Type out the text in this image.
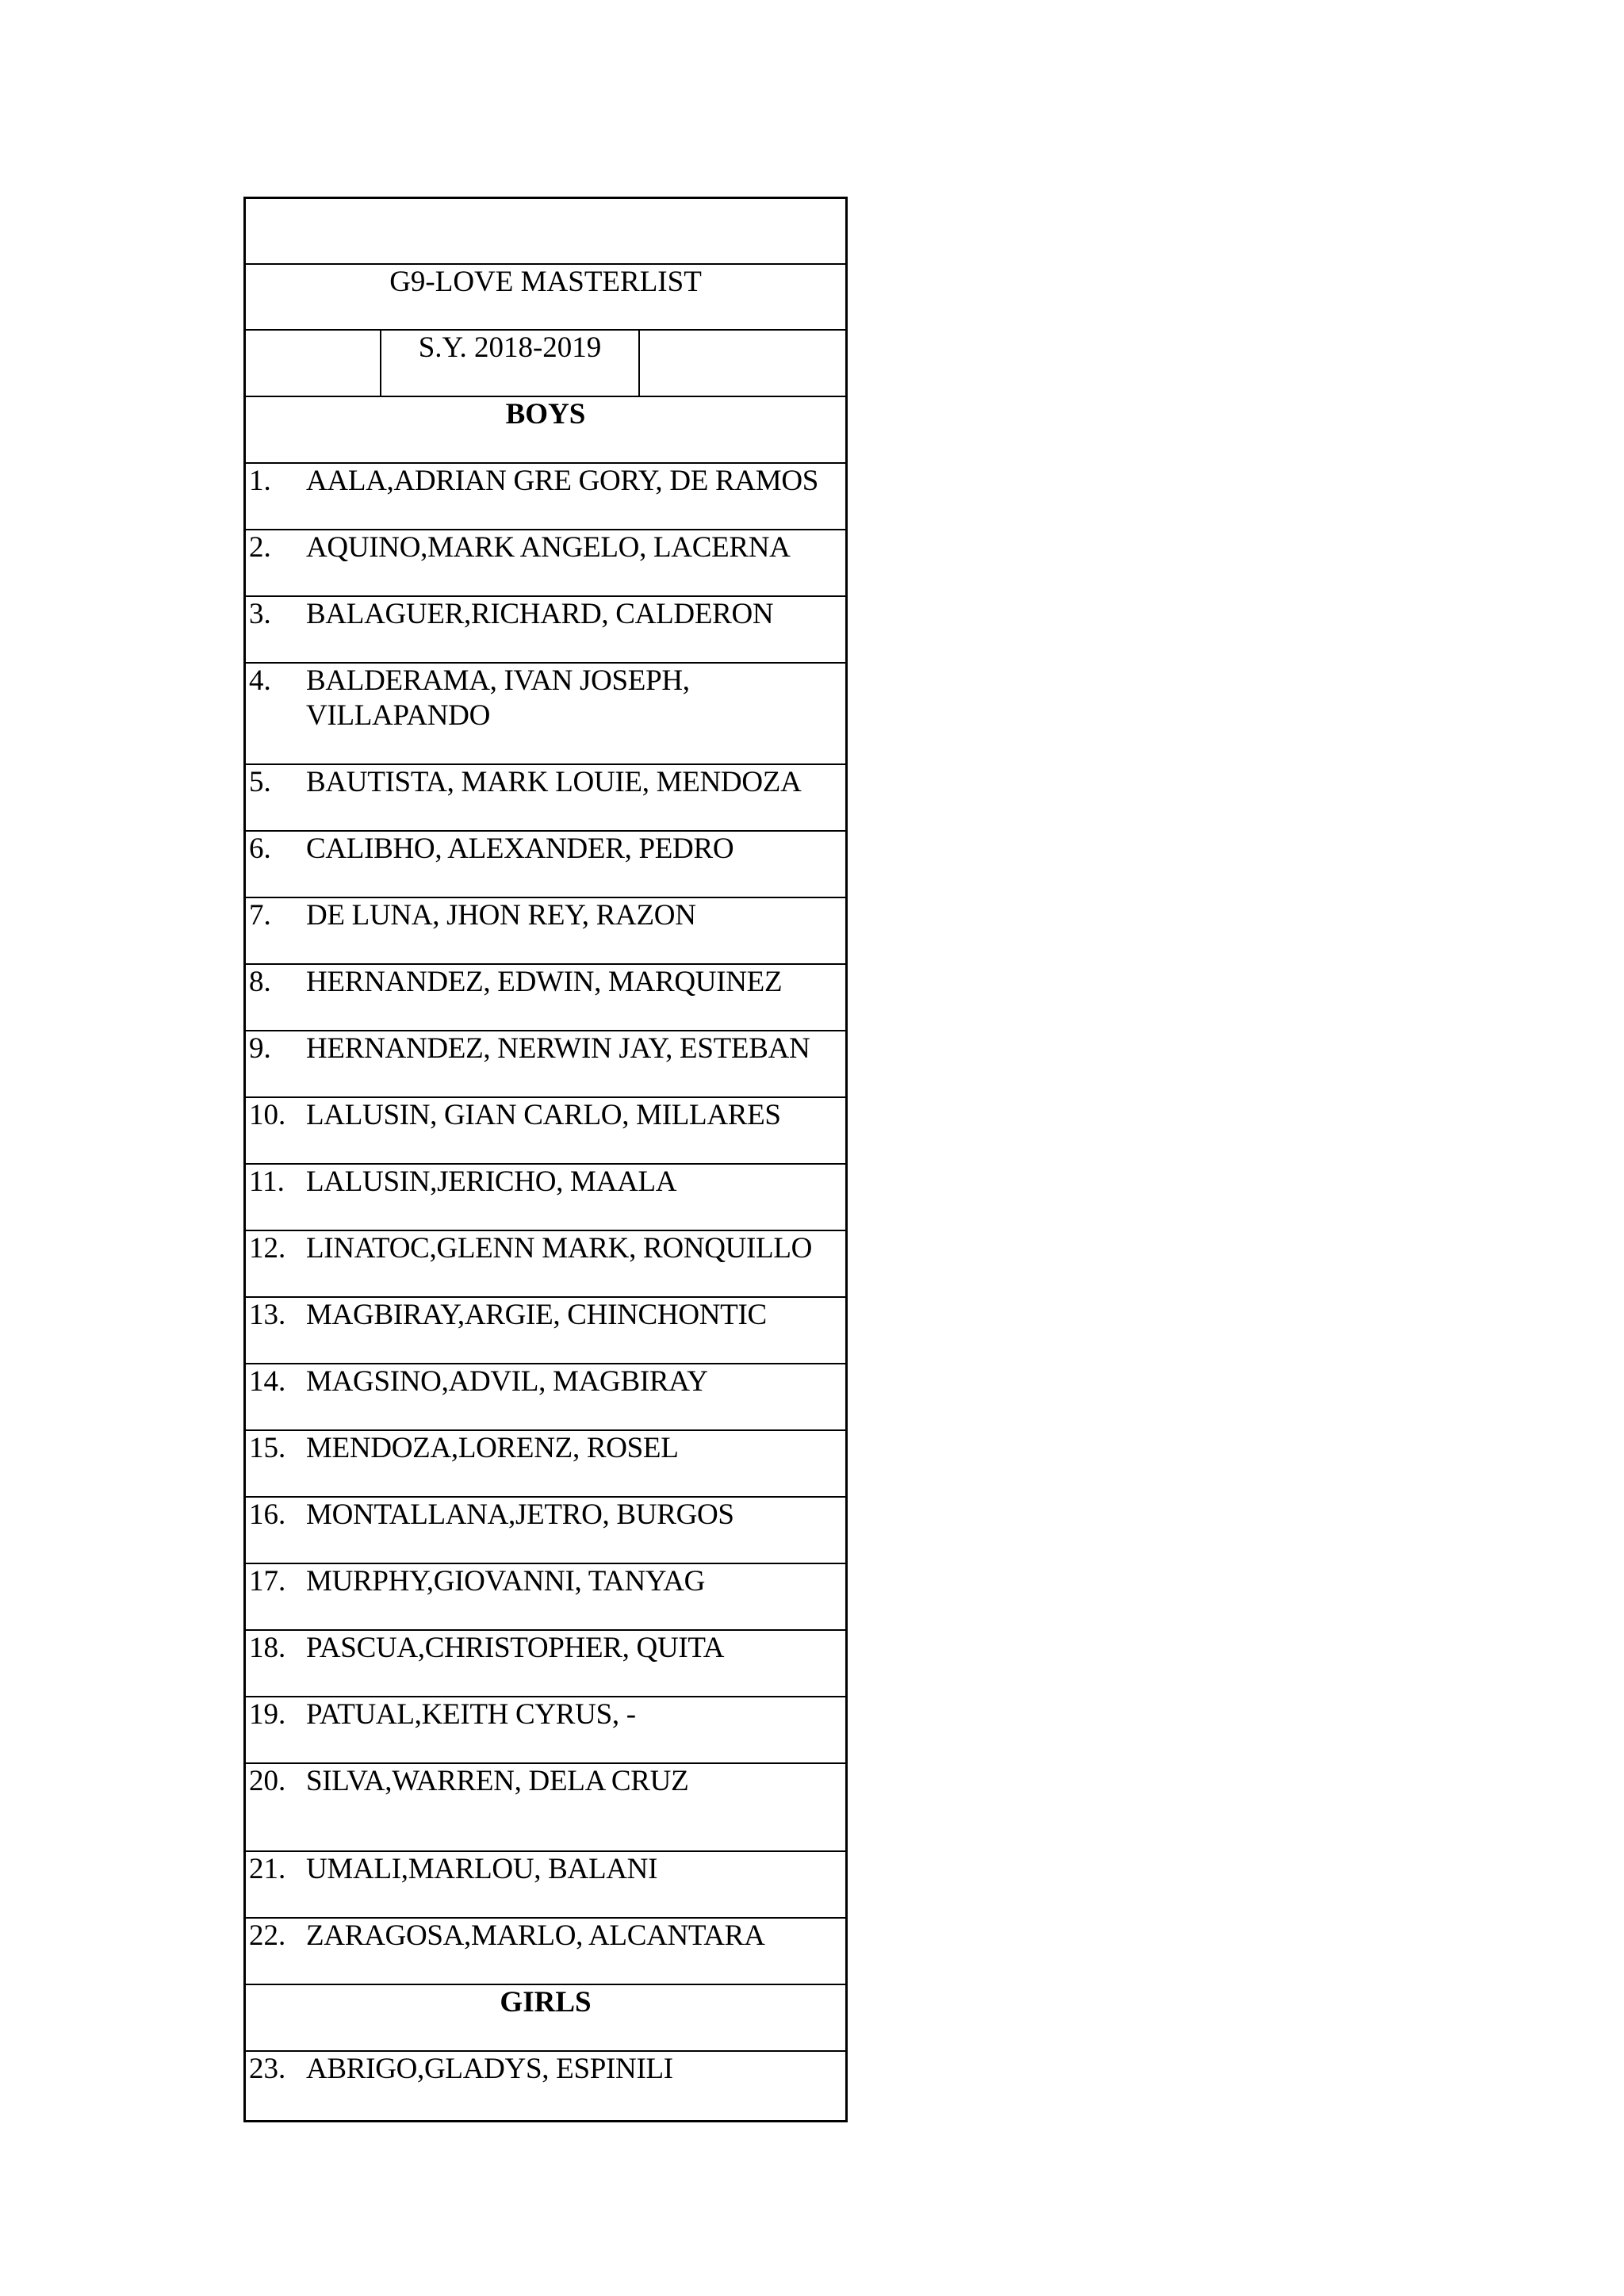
G9-LOVE MASTERLIST
S.Y. 2018-2019
BOYS
1.	AALA,ADRIAN GRE GORY, DE RAMOS
2.	AQUINO,MARK ANGELO, LACERNA
3.	BALAGUER,RICHARD, CALDERON
4.	BALDERAMA, IVAN JOSEPH,
VILLAPANDO
5.	BAUTISTA, MARK LOUIE, MENDOZA
6.	CALIBHO, ALEXANDER, PEDRO
7.	DE LUNA, JHON REY, RAZON
8.	HERNANDEZ, EDWIN, MARQUINEZ
9.	HERNANDEZ, NERWIN JAY, ESTEBAN
10. LALUSIN, GIAN CARLO, MILLARES
11. LALUSIN,JERICHO, MAALA
12. LINATOC,GLENN MARK, RONQUILLO
13. MAGBIRAY,ARGIE, CHINCHONTIC
14. MAGSINO,ADVIL, MAGBIRAY
15. MENDOZA,LORENZ, ROSEL
16. MONTALLANA,JETRO, BURGOS
17. MURPHY,GIOVANNI, TANYAG
18. PASCUA,CHRISTOPHER, QUITA
19. PATUAL,KEITH CYRUS, -
20. SILVA,WARREN, DELA CRUZ
21. UMALI,MARLOU, BALANI
22. ZARAGOSA,MARLO, ALCANTARA
GIRLS
23. ABRIGO,GLADYS, ESPINILI
